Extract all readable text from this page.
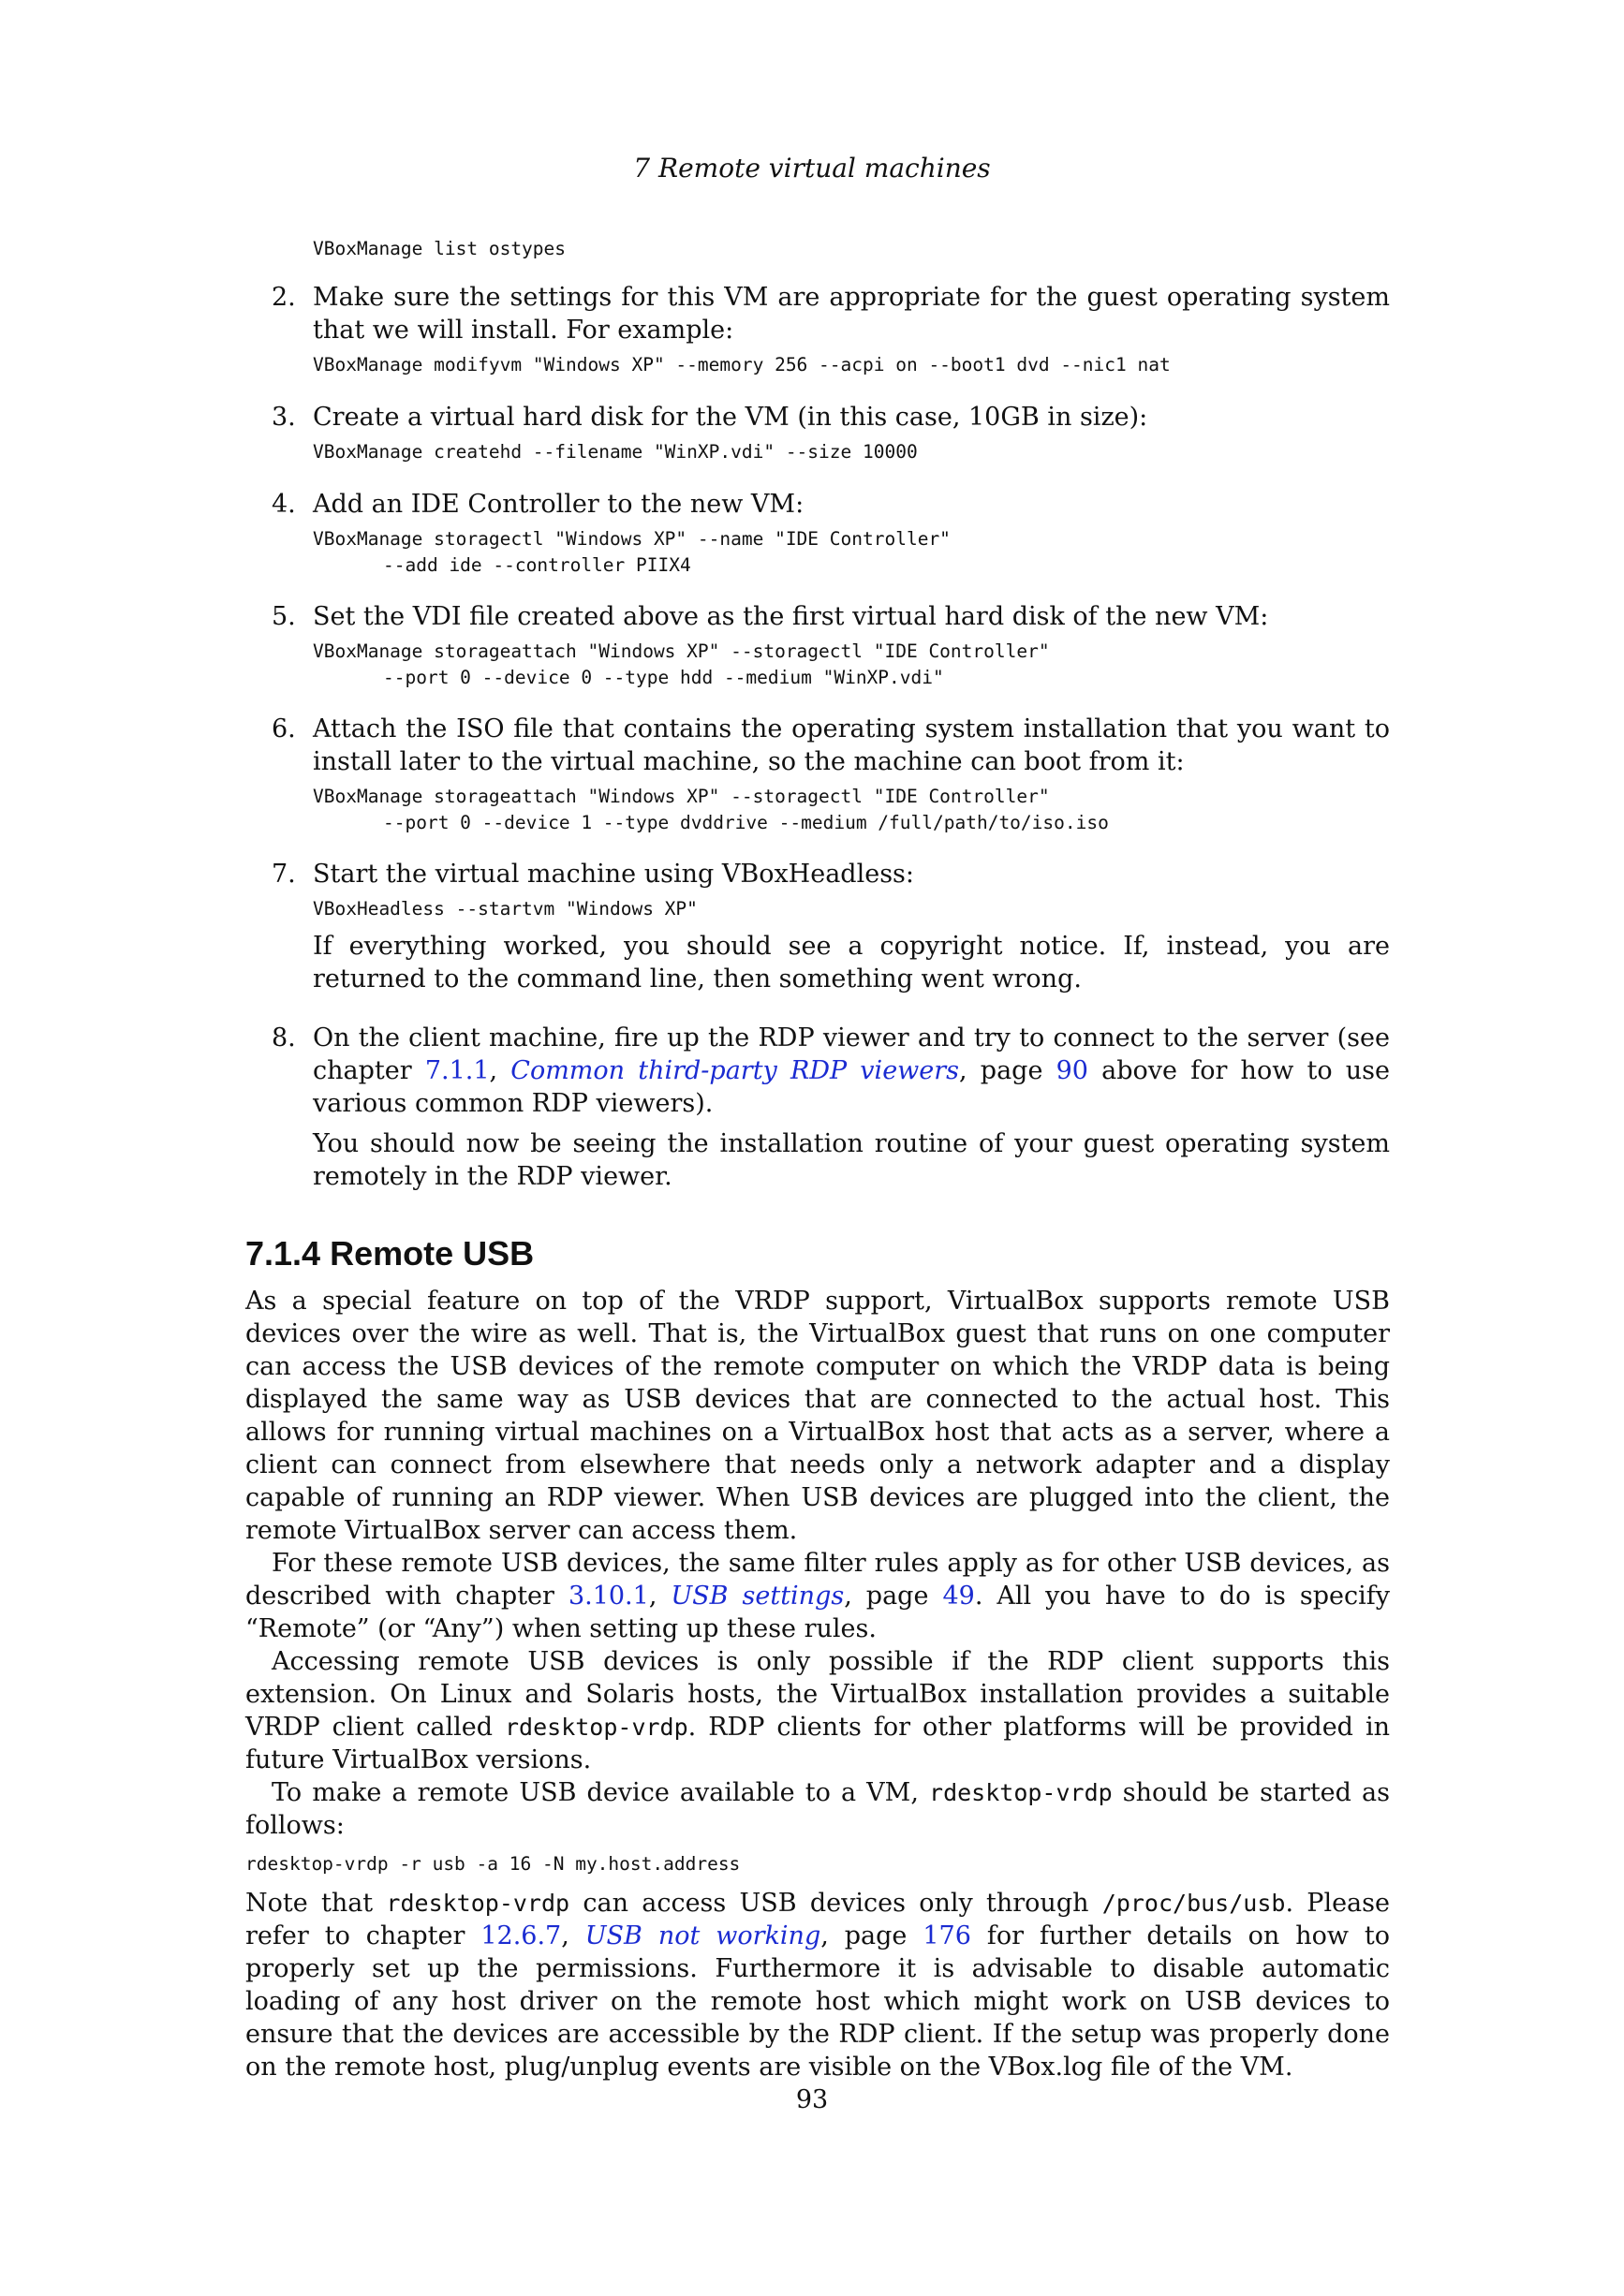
7 Remote virtual machines
VBoxManage list ostypes
2. Make sure the settings for this VM are appropriate for the guest operating system that we will install. For example:

VBoxManage modifyvm "Windows XP" --memory 256 --acpi on --boot1 dvd --nic1 nat
3. Create a virtual hard disk for the VM (in this case, 10GB in size):

VBoxManage createhd --filename "WinXP.vdi" --size 10000
4. Add an IDE Controller to the new VM:

VBoxManage storagectl "Windows XP" --name "IDE Controller"
--add ide --controller PIIX4
5. Set the VDI file created above as the first virtual hard disk of the new VM:

VBoxManage storageattach "Windows XP" --storagectl "IDE Controller"
--port 0 --device 0 --type hdd --medium "WinXP.vdi"
6. Attach the ISO file that contains the operating system installation that you want to install later to the virtual machine, so the machine can boot from it:

VBoxManage storageattach "Windows XP" --storagectl "IDE Controller"
--port 0 --device 1 --type dvddrive --medium /full/path/to/iso.iso
7. Start the virtual machine using VBoxHeadless:

VBoxHeadless --startvm "Windows XP"

If everything worked, you should see a copyright notice. If, instead, you are returned to the command line, then something went wrong.

8. On the client machine, fire up the RDP viewer and try to connect to the server (see chapter 7.1.1, Common third-party RDP viewers, page 90 above for how to use various common RDP viewers).

You should now be seeing the installation routine of your guest operating system remotely in the RDP viewer.

7.1.4 Remote USB

As a special feature on top of the VRDP support, VirtualBox supports remote USB devices over the wire as well. That is, the VirtualBox guest that runs on one computer can access the USB devices of the remote computer on which the VRDP data is being displayed the same way as USB devices that are connected to the actual host. This allows for running virtual machines on a VirtualBox host that acts as a server, where a client can connect from elsewhere that needs only a network adapter and a display capable of running an RDP viewer. When USB devices are plugged into the client, the remote VirtualBox server can access them.

For these remote USB devices, the same filter rules apply as for other USB devices, as described with chapter 3.10.1, USB settings, page 49. All you have to do is specify “Remote” (or “Any”) when setting up these rules.

Accessing remote USB devices is only possible if the RDP client supports this extension. On Linux and Solaris hosts, the VirtualBox installation provides a suitable VRDP client called rdesktop-vrdp. RDP clients for other platforms will be provided in future VirtualBox versions.

To make a remote USB device available to a VM, rdesktop-vrdp should be started as follows:

rdesktop-vrdp -r usb -a 16 -N my.host.address

Note that rdesktop-vrdp can access USB devices only through /proc/bus/usb. Please refer to chapter 12.6.7, USB not working, page 176 for further details on how to properly set up the permissions. Furthermore it is advisable to disable automatic loading of any host driver on the remote host which might work on USB devices to ensure that the devices are accessible by the RDP client. If the setup was properly done on the remote host, plug/unplug events are visible on the VBox.log file of the VM.

93
